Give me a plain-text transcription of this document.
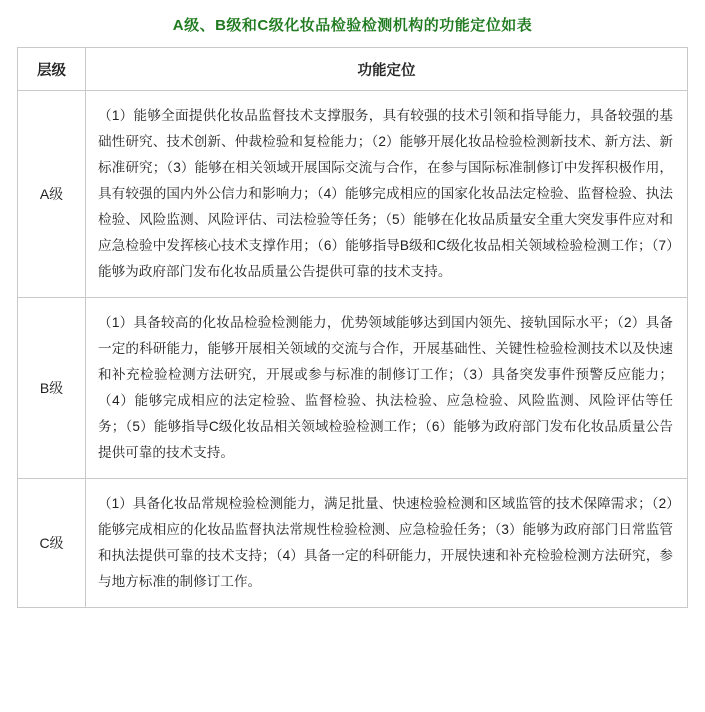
A级、B级和C级化妆品检验检测机构的功能定位如表
层级	功能定位
A级	（1）能够全面提供化妆品监督技术支撑服务，具有较强的技术引领和指导能力，具备较强的基础性研究、技术创新、仲裁检验和复检能力；（2）能够开展化妆品检验检测新技术、新方法、新标准研究；（3）能够在相关领域开展国际交流与合作，在参与国际标准制修订中发挥积极作用，具有较强的国内外公信力和影响力；（4）能够完成相应的国家化妆品法定检验、监督检验、执法检验、风险监测、风险评估、司法检验等任务；（5）能够在化妆品质量安全重大突发事件应对和应急检验中发挥核心技术支撑作用；（6）能够指导B级和C级化妆品相关领域检验检测工作；（7）能够为政府部门发布化妆品质量公告提供可靠的技术支持。

B级	（1）具备较高的化妆品检验检测能力，优势领域能够达到国内领先、接轨国际水平；（2）具备一定的科研能力，能够开展相关领域的交流与合作，开展基础性、关键性检验检测技术以及快速和补充检验检测方法研究，开展或参与标准的制修订工作；（3）具备突发事件预警反应能力；（4）能够完成相应的法定检验、监督检验、执法检验、应急检验、风险监测、风险评估等任务；（5）能够指导C级化妆品相关领域检验检测工作；（6）能够为政府部门发布化妆品质量公告提供可靠的技术支持。

C级	（1）具备化妆品常规检验检测能力，满足批量、快速检验检测和区域监管的技术保障需求；（2）能够完成相应的化妆品监督执法常规性检验检测、应急检验任务；（3）能够为政府部门日常监管和执法提供可靠的技术支持；（4）具备一定的科研能力，开展快速和补充检验检测方法研究，参与地方标准的制修订工作。
